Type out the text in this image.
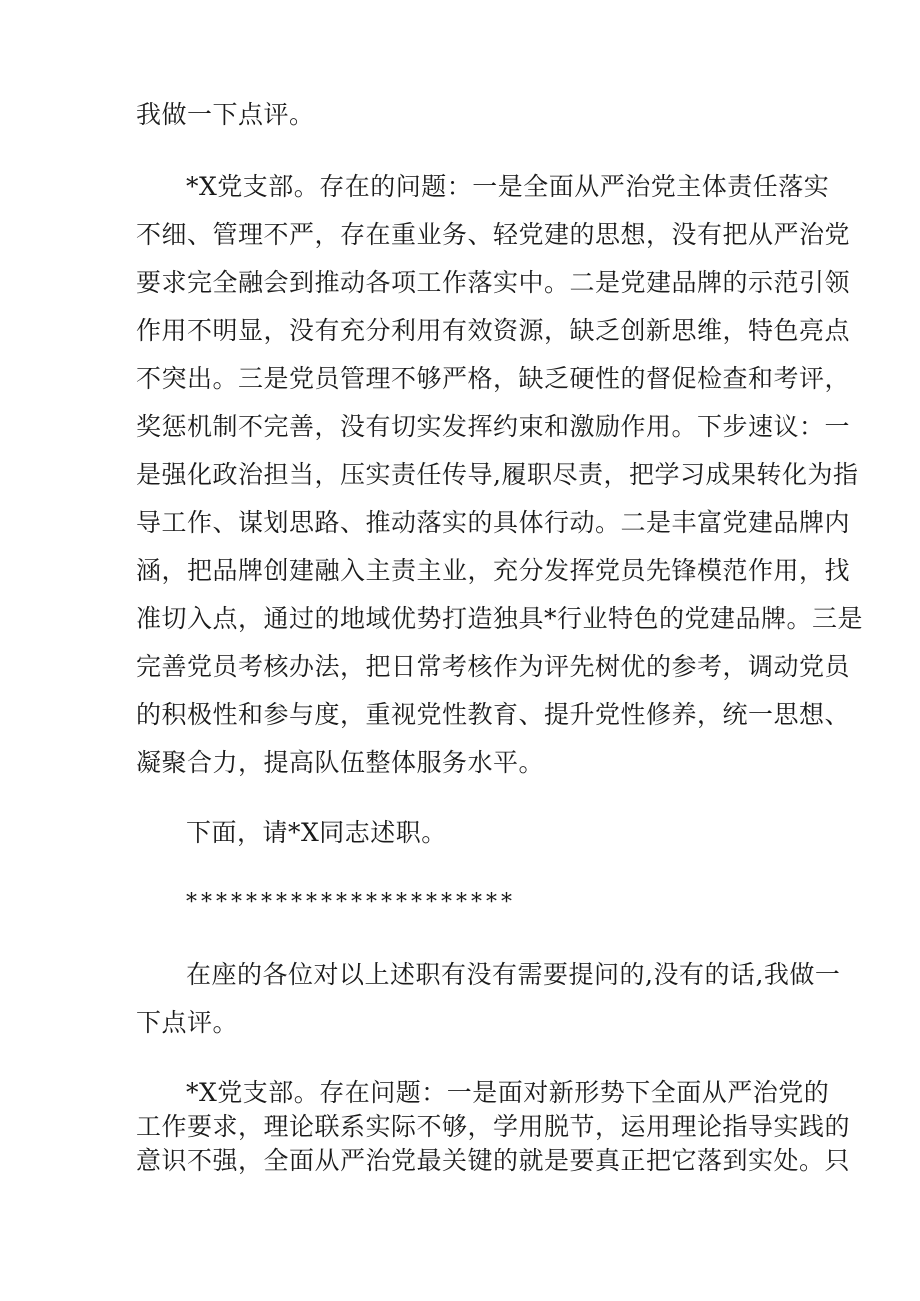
我做一下点评。
*X党支部。存在的问题：一是全面从严治党主体责任落实
不细、管理不严，存在重业务、轻党建的思想，没有把从严治党
要求完全融会到推动各项工作落实中。二是党建品牌的示范引领
作用不明显，没有充分利用有效资源，缺乏创新思维，特色亮点
不突出。三是党员管理不够严格，缺乏硬性的督促检查和考评，
奖惩机制不完善，没有切实发挥约束和激励作用。下步速议：一
是强化政治担当，压实责任传导,履职尽责，把学习成果转化为指
导工作、谋划思路、推动落实的具体行动。二是丰富党建品牌内
涵，把品牌创建融入主责主业，充分发挥党员先锋模范作用，找
准切入点，通过的地域优势打造独具*行业特色的党建品牌。三是
完善党员考核办法，把日常考核作为评先树优的参考，调动党员
的积极性和参与度，重视党性教育、提升党性修养，统一思想、
凝聚合力，提高队伍整体服务水平。
下面，请*X同志述职。
**********************
在座的各位对以上述职有没有需要提问的,没有的话,我做一
下点评。
*X党支部。存在问题：一是面对新形势下全面从严治党的
工作要求，理论联系实际不够，学用脱节，运用理论指导实践的
意识不强，全面从严治党最关键的就是要真正把它落到实处。只
